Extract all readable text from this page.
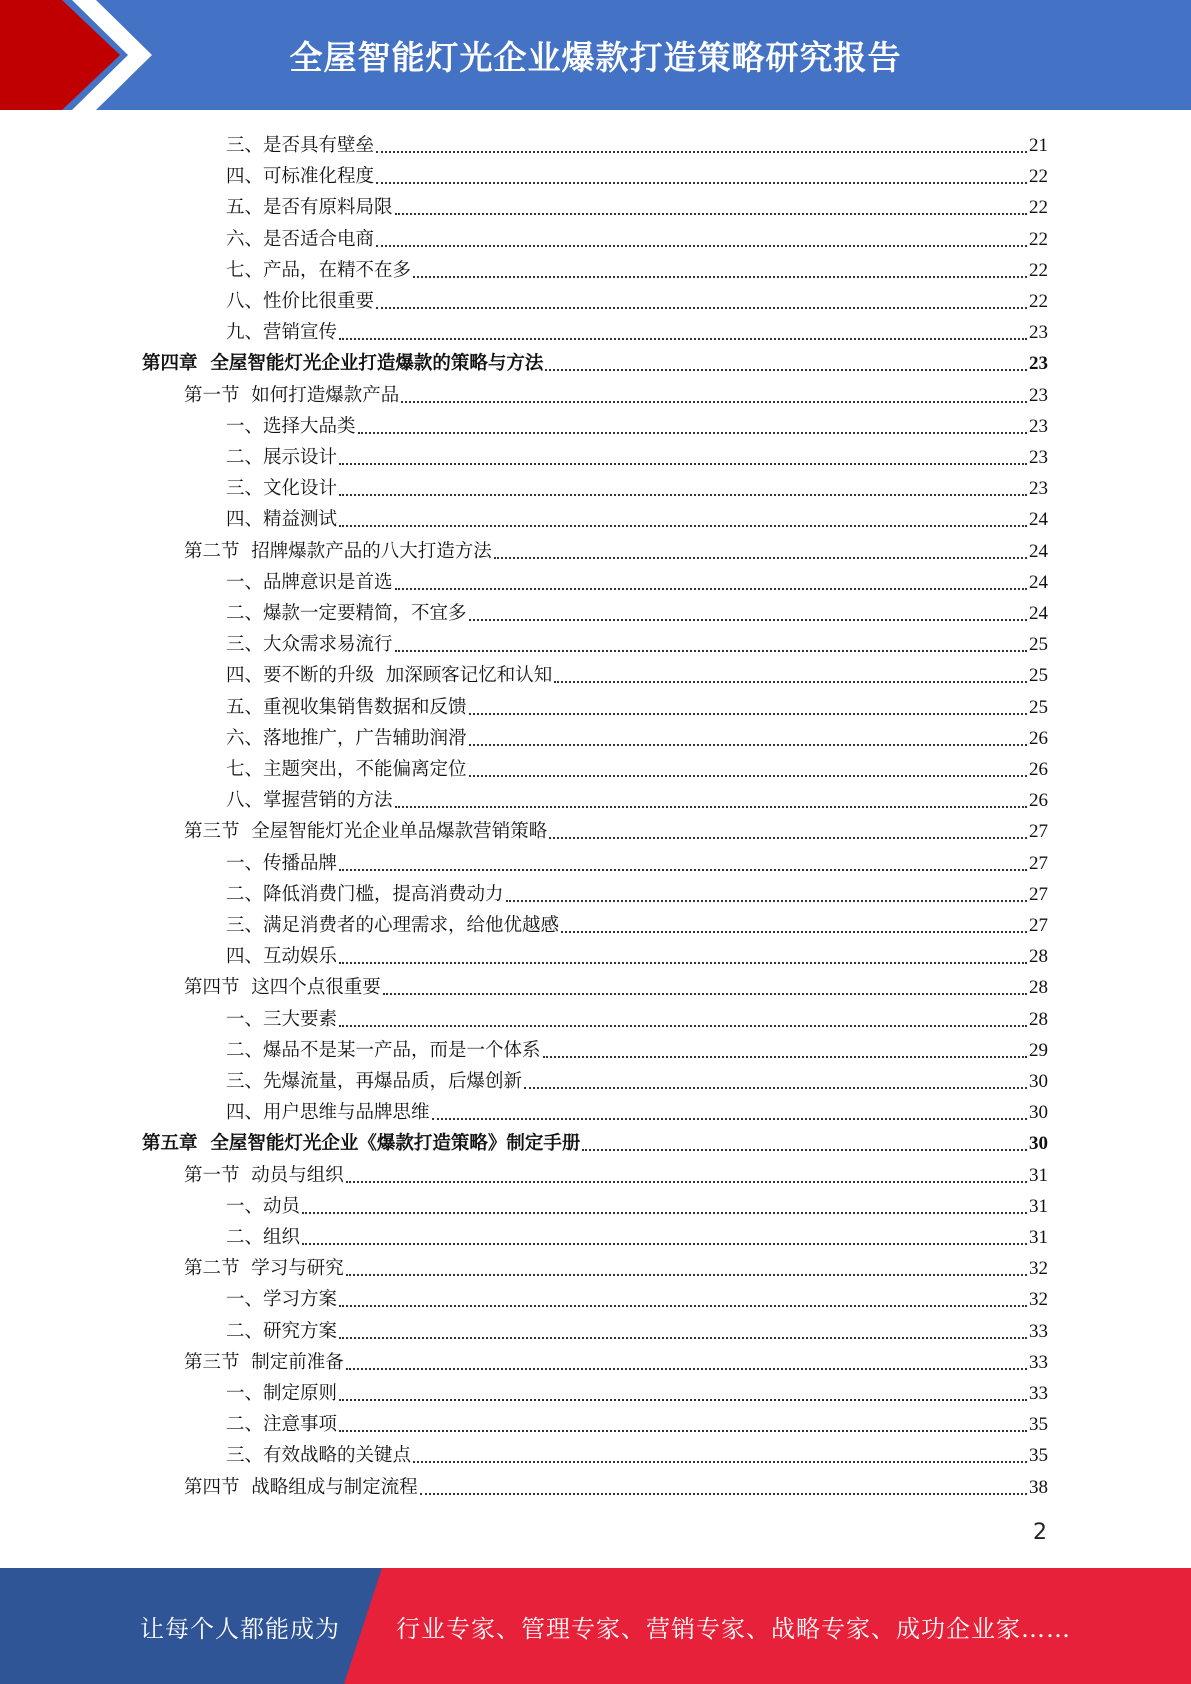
全屋智能灯光企业爆款打造策略研究报告
三、是否具有壁垒	21
四、可标准化程度	22
五、是否有原料局限	22
六、是否适合电商	22
七、产品，在精不在多	22
八、性价比很重要	22
九、营销宣传	23
第四章  全屋智能灯光企业打造爆款的策略与方法	23
第一节  如何打造爆款产品	23
一、选择大品类	23
二、展示设计	23
三、文化设计	23
四、精益测试	24
第二节  招牌爆款产品的八大打造方法	24
一、品牌意识是首选	24
二、爆款一定要精简，不宜多	24
三、大众需求易流行	25
四、要不断的升级  加深顾客记忆和认知	25
五、重视收集销售数据和反馈	25
六、落地推广，广告辅助润滑	26
七、主题突出，不能偏离定位	26
八、掌握营销的方法	26
第三节  全屋智能灯光企业单品爆款营销策略	27
一、传播品牌	27
二、降低消费门槛，提高消费动力	27
三、满足消费者的心理需求，给他优越感	27
四、互动娱乐	28
第四节  这四个点很重要	28
一、三大要素	28
二、爆品不是某一产品，而是一个体系	29
三、先爆流量，再爆品质，后爆创新	30
四、用户思维与品牌思维	30
第五章  全屋智能灯光企业《爆款打造策略》制定手册	30
第一节  动员与组织	31
一、动员	31
二、组织	31
第二节  学习与研究	32
一、学习方案	32
二、研究方案	33
第三节  制定前准备	33
一、制定原则	33
二、注意事项	35
三、有效战略的关键点	35
第四节  战略组成与制定流程	38
2
让每个人都能成为	行业专家、管理专家、营销专家、战略专家、成功企业家……
